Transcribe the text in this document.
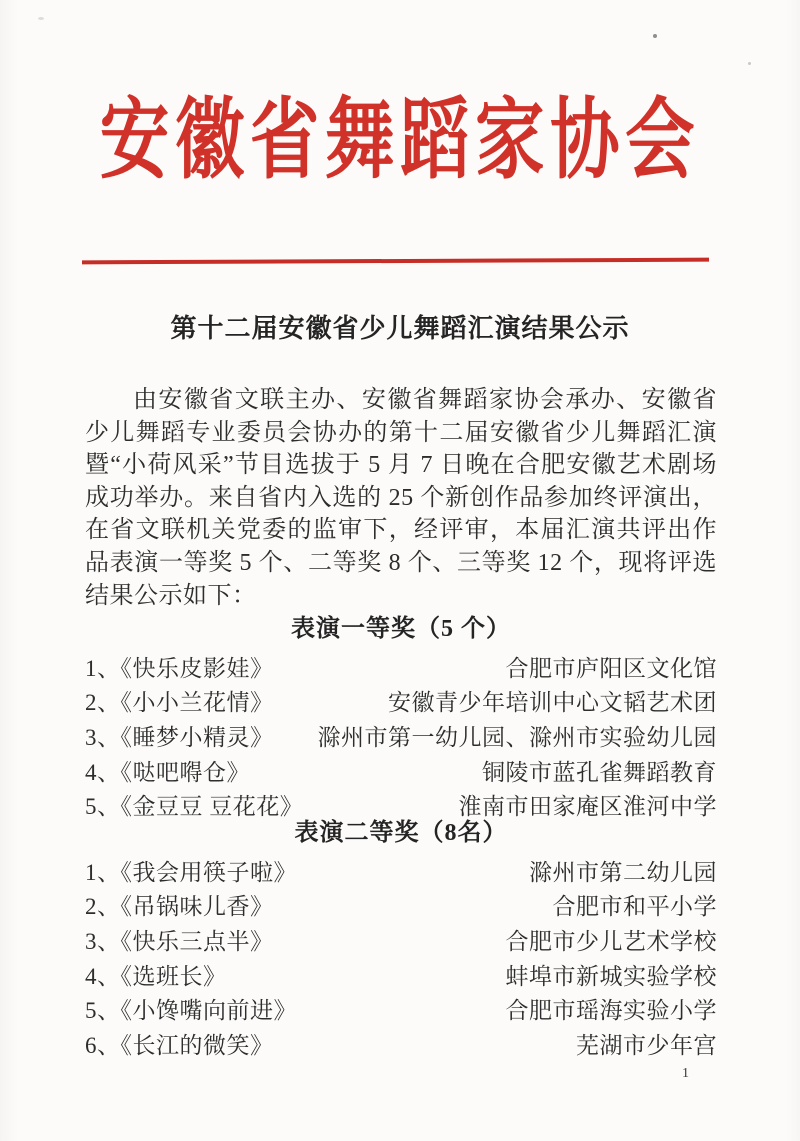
安徽省舞蹈家协会
第十二届安徽省少儿舞蹈汇演结果公示

由安徽省文联主办、安徽省舞蹈家协会承办、安徽省少儿舞蹈专业委员会协办的第十二届安徽省少儿舞蹈汇演暨“小荷风采”节目选拔于 5 月 7 日晚在合肥安徽艺术剧场成功举办。来自省内入选的 25 个新创作品参加终评演出，在省文联机关党委的监审下，经评审，本届汇演共评出作品表演一等奖 5 个、二等奖 8 个、三等奖 12 个，现将评选结果公示如下：

表演一等奖（5 个）
1、《快乐皮影娃》	合肥市庐阳区文化馆
2、《小小兰花情》	安徽青少年培训中心文韬艺术团
3、《睡梦小精灵》 滁州市第一幼儿园、滁州市实验幼儿园
4、《哒吧嘚仓》	铜陵市蓝孔雀舞蹈教育
5、《金豆豆 豆花花》	淮南市田家庵区淮河中学
表演二等奖（8名）
1、《我会用筷子啦》	滁州市第二幼儿园
2、《吊锅味儿香》	合肥市和平小学
3、《快乐三点半》	合肥市少儿艺术学校
4、《选班长》	蚌埠市新城实验学校
5、《小馋嘴向前进》	合肥市瑶海实验小学
6、《长江的微笑》	芜湖市少年宫
1
